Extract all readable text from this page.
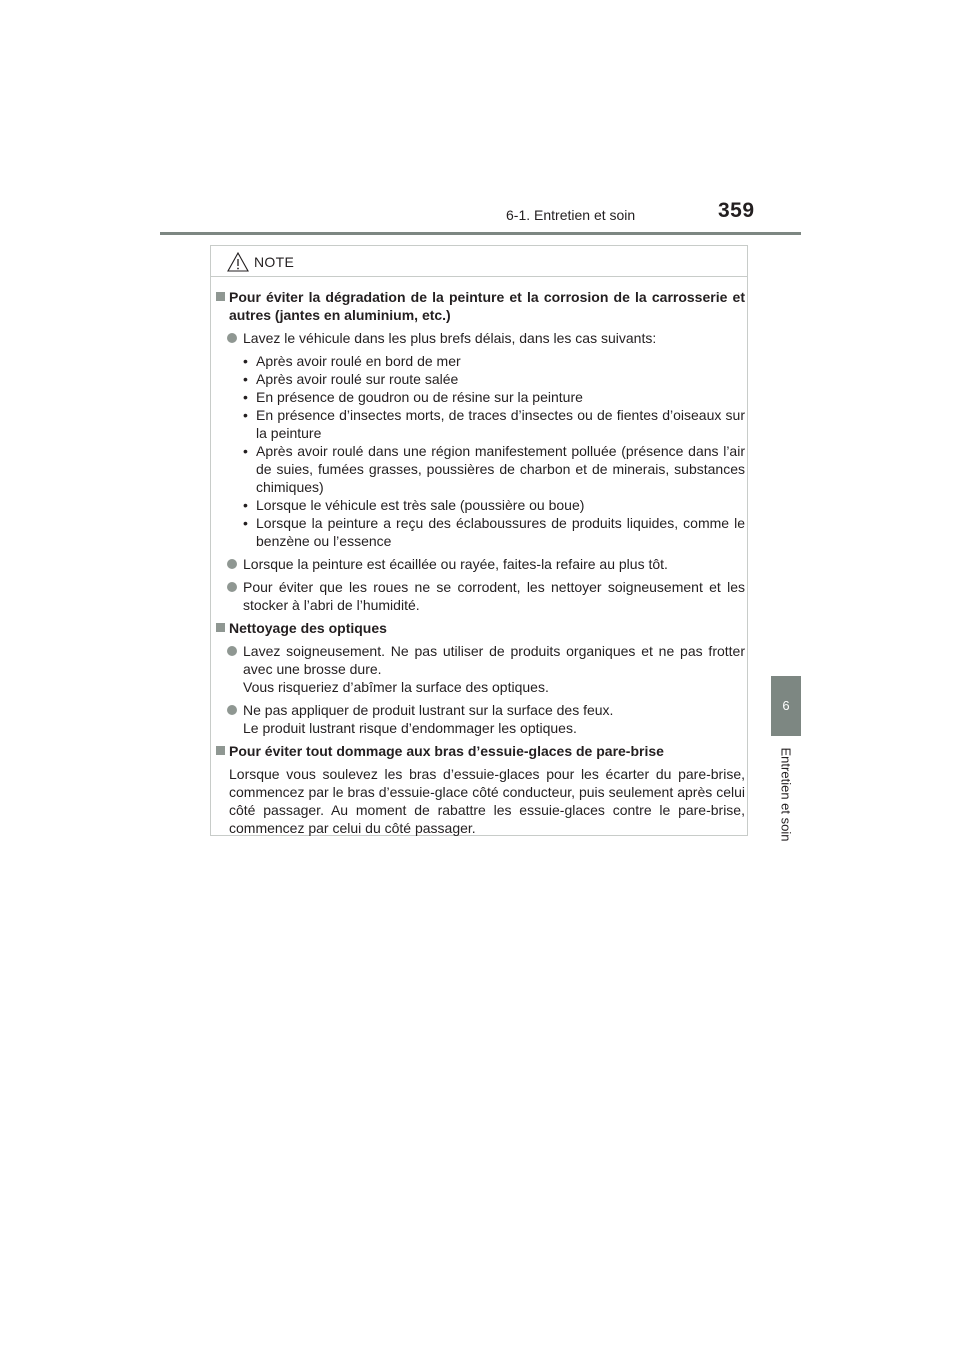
359
6-1. Entretien et soin
6
Entretien et soin
NOTE
Pour éviter la dégradation de la peinture et la corrosion de la carrosserie et autres (jantes en aluminium, etc.)
Lavez le véhicule dans les plus brefs délais, dans les cas suivants:
• Après avoir roulé en bord de mer
• Après avoir roulé sur route salée
• En présence de goudron ou de résine sur la peinture
• En présence d’insectes morts, de traces d’insectes ou de fientes d’oiseaux sur la peinture
• Après avoir roulé dans une région manifestement polluée (présence dans l’air de suies, fumées grasses, poussières de charbon et de minerais, substances chimiques)
• Lorsque le véhicule est très sale (poussière ou boue)
• Lorsque la peinture a reçu des éclaboussures de produits liquides, comme le benzène ou l’essence
Lorsque la peinture est écaillée ou rayée, faites-la refaire au plus tôt.
Pour éviter que les roues ne se corrodent, les nettoyer soigneusement et les stocker à l’abri de l’humidité.
Nettoyage des optiques
Lavez soigneusement. Ne pas utiliser de produits organiques et ne pas frotter avec une brosse dure.
Vous risqueriez d’abîmer la surface des optiques.
Ne pas appliquer de produit lustrant sur la surface des feux.
Le produit lustrant risque d’endommager les optiques.
Pour éviter tout dommage aux bras d’essuie-glaces de pare-brise
Lorsque vous soulevez les bras d’essuie-glaces pour les écarter du pare-brise, commencez par le bras d’essuie-glace côté conducteur, puis seulement après celui côté passager. Au moment de rabattre les essuie-glaces contre le pare-brise, commencez par celui du côté passager.
